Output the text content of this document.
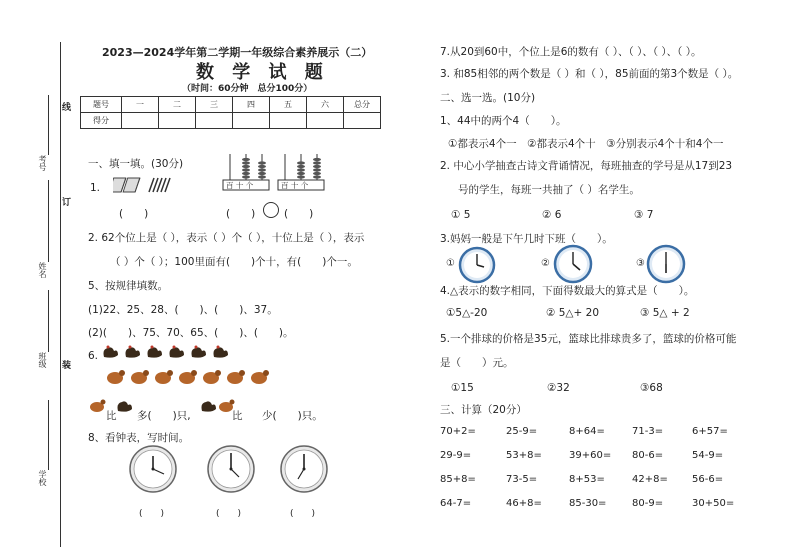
学校
班级
姓名
考号
线
订
装
2023—2024学年第二学期一年级综合素养展示（二）
数 学 试 题
（时间：60分钟　总分100分）
题号	一	二	三	四	五	六	总分
得分							
一、填一填。(30分)
1.
(　　)
百 十 个	百 十 个
(　　)	(　　)
2. 62个位上是（ ），表示（ ）个（ ），十位上是（ ），表示
（ ）个（ ）；100里面有(　　)个十，有(　　)个一。
5、按规律填数。
(1)22、25、28、(　　)、(　　)、37。
(2)(　　)、75、70、65、(　　)、(　　)。
6.
比 多(　　)只,	比 少(　　)只。
8、看钟表，写时间。
(　　)	(　　)	(　　)
7.从20到60中，个位上是6的数有（ ）、（ ）、（ ）、（ ）。
3. 和85相邻的两个数是（ ）和（ ），85前面的第3个数是（ ）。
二、选一选。(10分)
1、44中的两个4（　　）。
①都表示4个一　②都表示4个十　③分别表示4个十和4个一
2. 中心小学抽查古诗文背诵情况，每班抽查的学号是从17到23
号的学生，每班一共抽了（ ）名学生。
① 5	② 6	③ 7
3.妈妈一般是下午几时下班（　　）。
①	②	③
4.△表示的数字相同，下面得数最大的算式是（　　）。
①5△-20	② 5△+ 20	③ 5△ + 2
5.一个排球的价格是35元，篮球比排球贵多了，篮球的价格可能
是（　　）元。
①15	②32	③68
三、计算（20分）
70+2=	25-9=	8+64=	71-3=	6+57=
29-9=	53+8=	39+60= 80-6=	54-9=
85+8=	73-5=	8+53=	42+8= 56-6=
64-7=	46+8=	85-30=	80-9=	30+50=
